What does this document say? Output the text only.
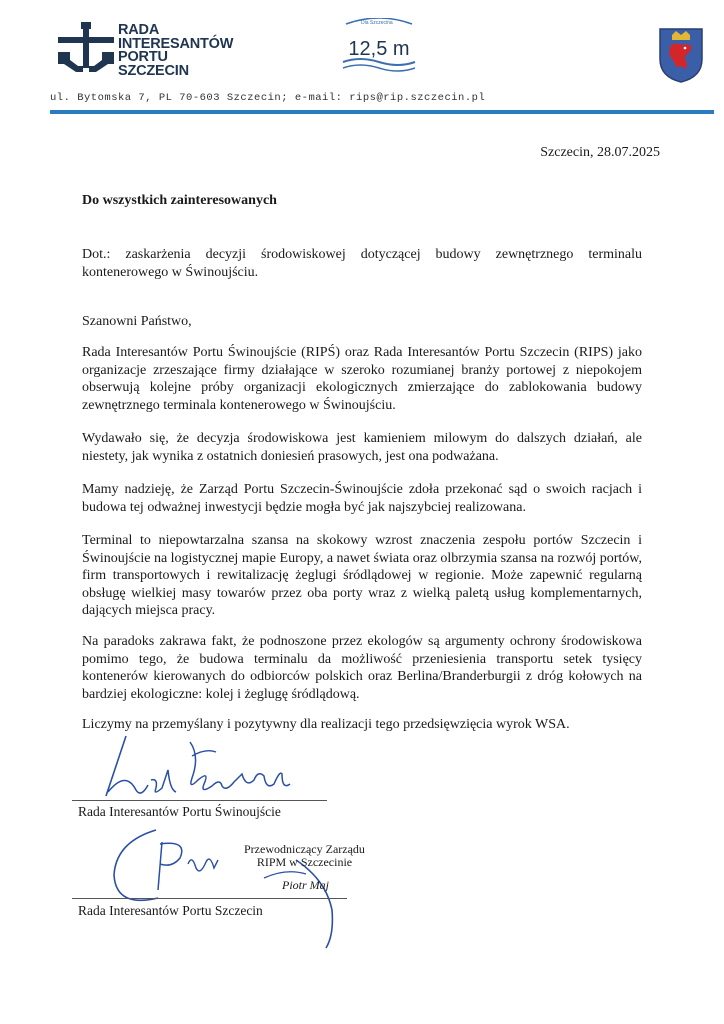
RADA
INTERESANTÓW
PORTU
SZCZECIN
Dla Szczecina
12,5 m
ul. Bytomska 7, PL 70-603 Szczecin; e-mail: rips@rip.szczecin.pl
Szczecin, 28.07.2025
Do wszystkich zainteresowanych
Dot.: zaskarżenia decyzji środowiskowej dotyczącej budowy zewnętrznego terminalu kontenerowego w Świnoujściu.
Szanowni Państwo,
Rada Interesantów Portu Świnoujście (RIPŚ) oraz Rada Interesantów Portu Szczecin (RIPS) jako organizacje zrzeszające firmy działające w szeroko rozumianej branży portowej z niepokojem obserwują kolejne próby organizacji ekologicznych zmierzające do zablokowania budowy zewnętrznego terminala kontenerowego w Świnoujściu.
Wydawało się, że decyzja środowiskowa jest kamieniem milowym do dalszych działań, ale niestety, jak wynika z ostatnich doniesień prasowych, jest ona podważana.
Mamy nadzieję, że Zarząd Portu Szczecin-Świnoujście zdoła przekonać sąd o swoich racjach i budowa tej odważnej inwestycji będzie mogła być jak najszybciej realizowana.
Terminal to niepowtarzalna szansa na skokowy wzrost znaczenia zespołu portów Szczecin i Świnoujście na logistycznej mapie Europy, a nawet świata oraz olbrzymia szansa na rozwój portów, firm transportowych i rewitalizację żeglugi śródlądowej w regionie. Może zapewnić regularną obsługę wielkiej masy towarów przez oba porty wraz z wielką paletą usług komplementarnych, dających miejsca pracy.
Na paradoks zakrawa fakt, że podnoszone przez ekologów są argumenty ochrony środowiskowa pomimo tego, że budowa terminalu da możliwość przeniesienia transportu setek tysięcy kontenerów kierowanych do odbiorców polskich oraz Berlina/Branderburgii z dróg kołowych na bardziej ekologiczne: kolej i żeglugę śródlądową.
Liczymy na przemyślany i pozytywny dla realizacji tego przedsięwzięcia wyrok WSA.
Rada Interesantów Portu Świnoujście
Przewodniczący Zarządu
RIPM w Szczecinie
Piotr Maj
Rada Interesantów Portu Szczecin
